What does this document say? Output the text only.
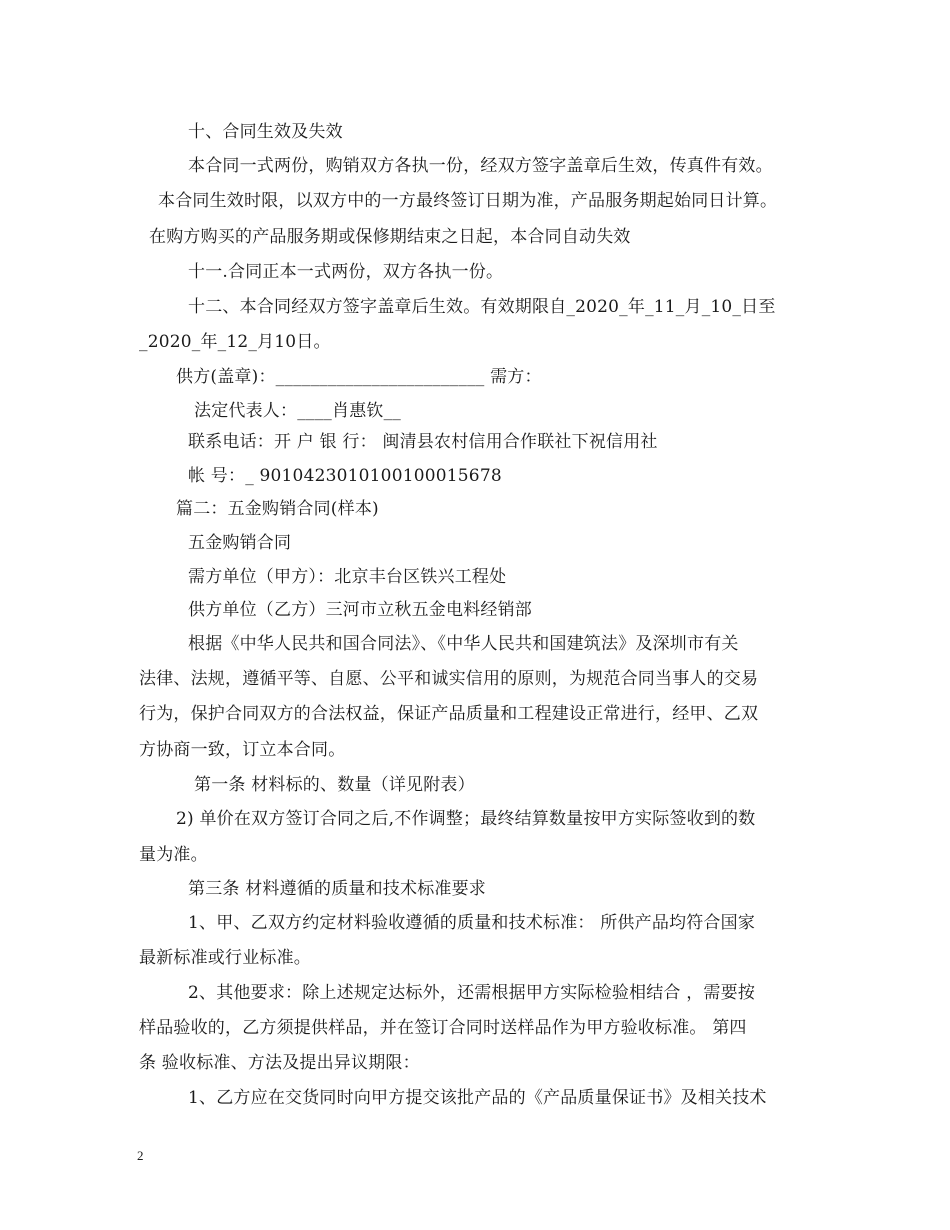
十、合同生效及失效
本合同一式两份，购销双方各执一份，经双方签字盖章后生效，传真件有效。
本合同生效时限，以双方中的一方最终签订日期为准，产品服务期起始同日计算。
在购方购买的产品服务期或保修期结束之日起，本合同自动失效
十一.合同正本一式两份，双方各执一份。
十二、本合同经双方签字盖章后生效。有效期限自_2020_年_11_月_10_日至
_2020_年_12_月10日。
供方(盖章)：________________________ 需方：
法定代表人：____肖惠钦__
联系电话：开 户 银 行： 闽清县农村信用合作联社下祝信用社
帐 号：_ 9010423010100100015678
篇二：五金购销合同(样本)
五金购销合同
需方单位（甲方）：北京丰台区铁兴工程处
供方单位（乙方）三河市立秋五金电料经销部
根据《中华人民共和国合同法》、《中华人民共和国建筑法》及深圳市有关
法律、法规，遵循平等、自愿、公平和诚实信用的原则，为规范合同当事人的交易
行为，保护合同双方的合法权益，保证产品质量和工程建设正常进行，经甲、乙双
方协商一致，订立本合同。
第一条 材料标的、数量（详见附表）
2) 单价在双方签订合同之后,不作调整；最终结算数量按甲方实际签收到的数
量为准。
第三条 材料遵循的质量和技术标准要求
1、甲、乙双方约定材料验收遵循的质量和技术标准： 所供产品均符合国家
最新标准或行业标准。
2、其他要求：除上述规定达标外，还需根据甲方实际检验相结合 ，需要按
样品验收的，乙方须提供样品，并在签订合同时送样品作为甲方验收标准。 第四
条 验收标准、方法及提出异议期限：
1、乙方应在交货同时向甲方提交该批产品的《产品质量保证书》及相关技术
2
